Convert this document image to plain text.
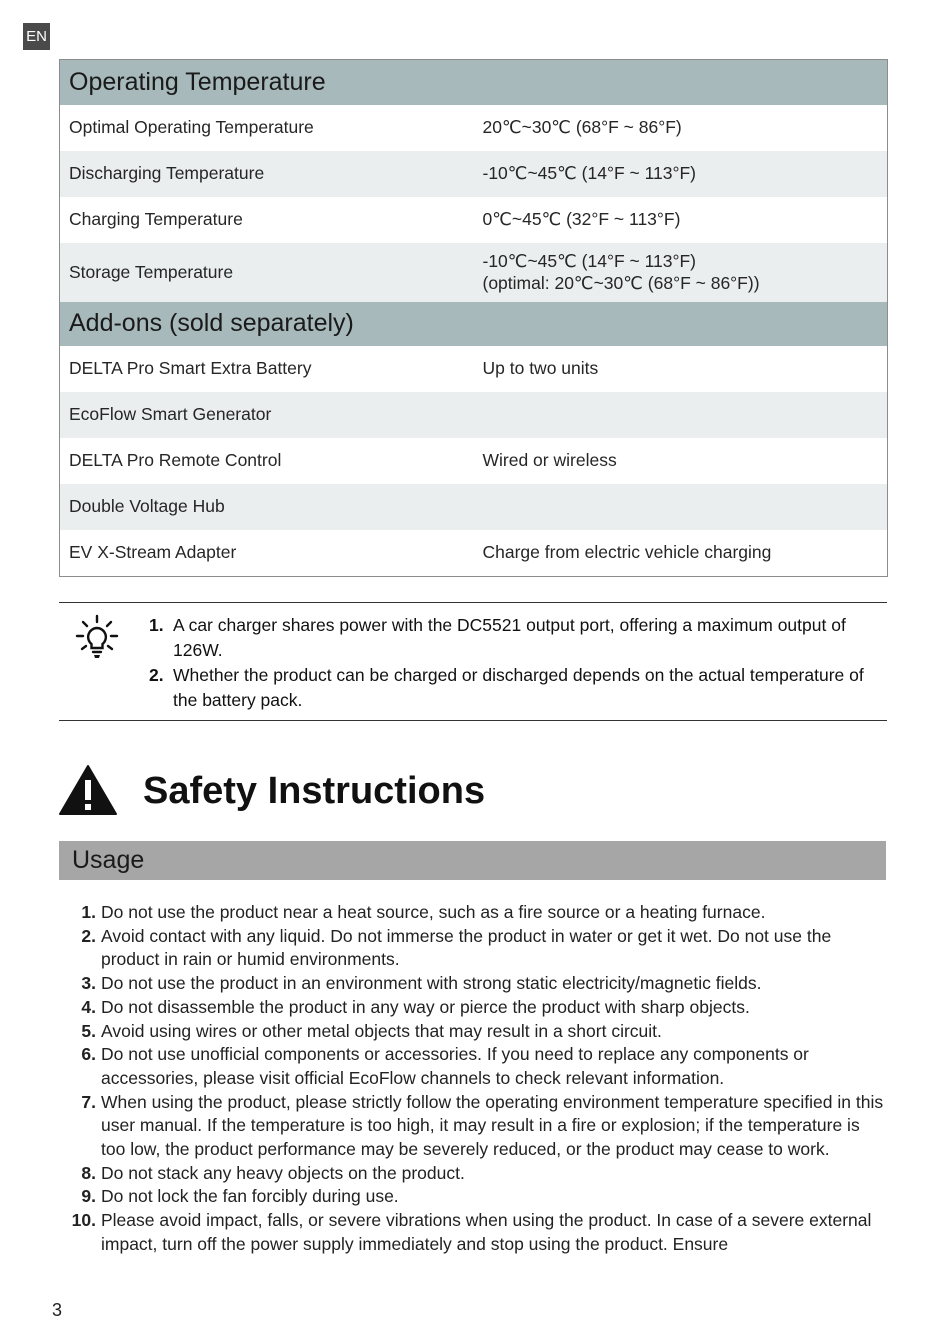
EN
Operating Temperature	
Optimal Operating Temperature	20℃~30℃ (68°F ~ 86°F)
Discharging Temperature	-10℃~45℃ (14°F ~ 113°F)
Charging Temperature	0℃~45℃ (32°F ~ 113°F)
Storage Temperature	-10℃~45℃ (14°F ~ 113°F)
(optimal: 20℃~30℃ (68°F ~ 86°F))

Add-ons (sold separately)	
DELTA Pro Smart Extra Battery	Up to two units
EcoFlow Smart Generator	
DELTA Pro Remote Control	Wired or wireless
Double Voltage Hub	
EV X-Stream Adapter	Charge from electric vehicle charging
1. A car charger shares power with the DC5521 output port, offering a maximum output of 126W.
2. Whether the product can be charged or discharged depends on the actual temperature of the battery pack.
Safety Instructions
Usage
1. Do not use the product near a heat source, such as a fire source or a heating furnace.
2. Avoid contact with any liquid. Do not immerse the product in water or get it wet. Do not use the product in rain or humid environments.
3. Do not use the product in an environment with strong static electricity/magnetic fields.
4. Do not disassemble the product in any way or pierce the product with sharp objects.
5. Avoid using wires or other metal objects that may result in a short circuit.
6. Do not use unofficial components or accessories. If you need to replace any components or accessories, please visit official EcoFlow channels to check relevant information.
7. When using the product, please strictly follow the operating environment temperature specified in this user manual. If the temperature is too high, it may result in a fire or explosion; if the temperature is too low, the product performance may be severely reduced, or the product may cease to work.
8. Do not stack any heavy objects on the product.
9. Do not lock the fan forcibly during use.
10. Please avoid impact, falls, or severe vibrations when using the product. In case of a severe external impact, turn off the power supply immediately and stop using the product. Ensure
3
